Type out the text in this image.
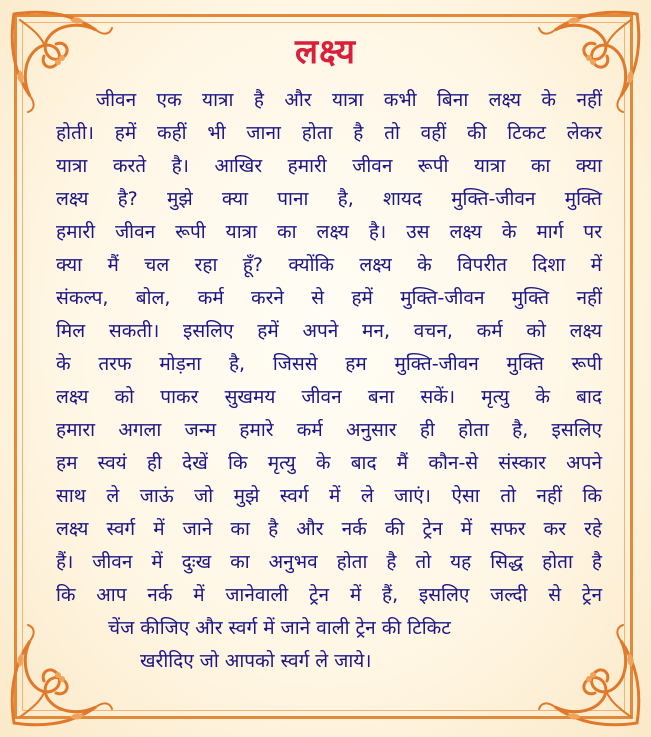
लक्ष्य
जीवन एक यात्रा है और यात्रा कभी बिना लक्ष्य के नहीं
होती। हमें कहीं भी जाना होता है तो वहीं की टिकट लेकर
यात्रा करते है। आखिर हमारी जीवन रूपी यात्रा का क्या
लक्ष्य है? मुझे क्या पाना है, शायद मुक्ति-जीवन मुक्ति
हमारी जीवन रूपी यात्रा का लक्ष्य है। उस लक्ष्य के मार्ग पर
क्या मैं चल रहा हूँ? क्योंकि लक्ष्य के विपरीत दिशा में
संकल्प, बोल, कर्म करने से हमें मुक्ति-जीवन मुक्ति नहीं
मिल सकती। इसलिए हमें अपने मन, वचन, कर्म को लक्ष्य
के तरफ मोड़ना है, जिससे हम मुक्ति-जीवन मुक्ति रूपी
लक्ष्य को पाकर सुखमय जीवन बना सकें। मृत्यु के बाद
हमारा अगला जन्म हमारे कर्म अनुसार ही होता है, इसलिए
हम स्वयं ही देखें कि मृत्यु के बाद मैं कौन-से संस्कार अपने
साथ ले जाऊं जो मुझे स्वर्ग में ले जाएं। ऐसा तो नहीं कि
लक्ष्य स्वर्ग में जाने का है और नर्क की ट्रेन में सफर कर रहे
हैं। जीवन में दुःख का अनुभव होता है तो यह सिद्ध होता है
कि आप नर्क में जानेवाली ट्रेन में हैं, इसलिए जल्दी से ट्रेन
चेंज कीजिए और स्वर्ग में जाने वाली ट्रेन की टिकिट
खरीदिए जो आपको स्वर्ग ले जाये।
